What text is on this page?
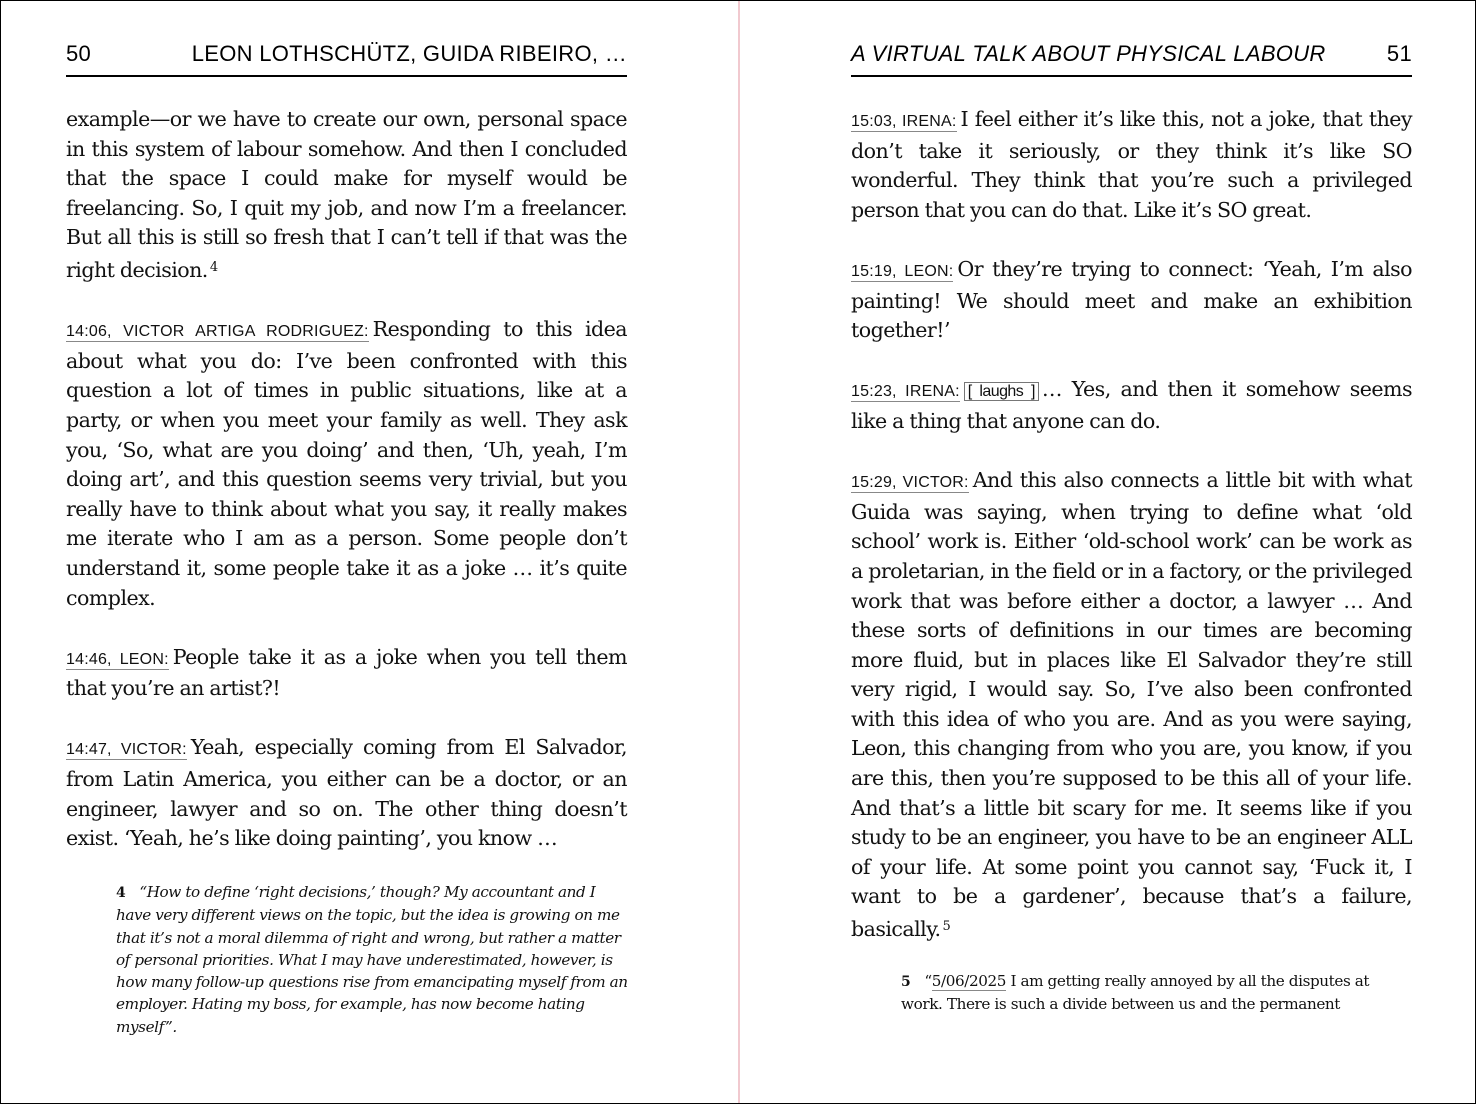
50	LEON LOTHSCHÜTZ, GUIDA RIBEIRO, …

example—or we have to create our own, personal space in this system of labour somehow. And then I concluded that the space I could make for myself would be freelancing. So, I quit my job, and now I’m a freelancer. But all this is still so fresh that I can’t tell if that was the right decision. $^4$

14:06, VICTOR ARTIGA RODRIGUEZ: Responding to this idea about what you do: I’ve been confronted with this question a lot of times in public situations, like at a party, or when you meet your family as well. They ask you, ‘So, what are you doing’ and then, ‘Uh, yeah, I’m doing art’, and this question seems very trivial, but you really have to think about what you say, it really makes me iterate who I am as a person. Some people don’t understand it, some people take it as a joke … it’s quite complex.

14:46, LEON: People take it as a joke when you tell them that you’re an artist?!

14:47, VICTOR: Yeah, especially coming from El Salvador, from Latin America, you either can be a doctor, or an engineer, lawyer and so on. The other thing doesn’t exist. ‘Yeah, he’s like doing painting’, you know …

4 “How to define ‘right decisions,’ though? My accountant and I have very different views on the topic, but the idea is growing on me that it’s not a moral dilemma of right and wrong, but rather a matter of personal priorities. What I may have underestimated, however, is how many follow-up questions rise from emancipating myself from an employer. Hating my boss, for example, has now become hating myself”.
A VIRTUAL TALK ABOUT PHYSICAL LABOUR	51

15:03, IRENA: I feel either it’s like this, not a joke, that they don’t take it seriously, or they think it’s like SO wonderful. They think that you’re such a privileged person that you can do that. Like it’s SO great.

15:19, LEON: Or they’re trying to connect: ‘Yeah, I’m also painting! We should meet and make an exhibition together!’

15:23, IRENA: [ laughs ] … Yes, and then it somehow seems like a thing that anyone can do.

15:29, VICTOR: And this also connects a little bit with what Guida was saying, when trying to define what ‘old school’ work is. Either ‘old-school work’ can be work as a proletarian, in the field or in a factory, or the privileged work that was before either a doctor, a lawyer … And these sorts of definitions in our times are becoming more fluid, but in places like El Salvador they’re still very rigid, I would say. So, I’ve also been confronted with this idea of who you are. And as you were saying, Leon, this changing from who you are, you know, if you are this, then you’re supposed to be this all of your life. And that’s a little bit scary for me. It seems like if you study to be an engineer, you have to be an engineer ALL of your life. At some point you cannot say, ‘Fuck it, I want to be a gardener’, because that’s a failure, basically. $^5$

5 “5/06/2025 I am getting really annoyed by all the disputes at work. There is such a divide between us and the permanent
